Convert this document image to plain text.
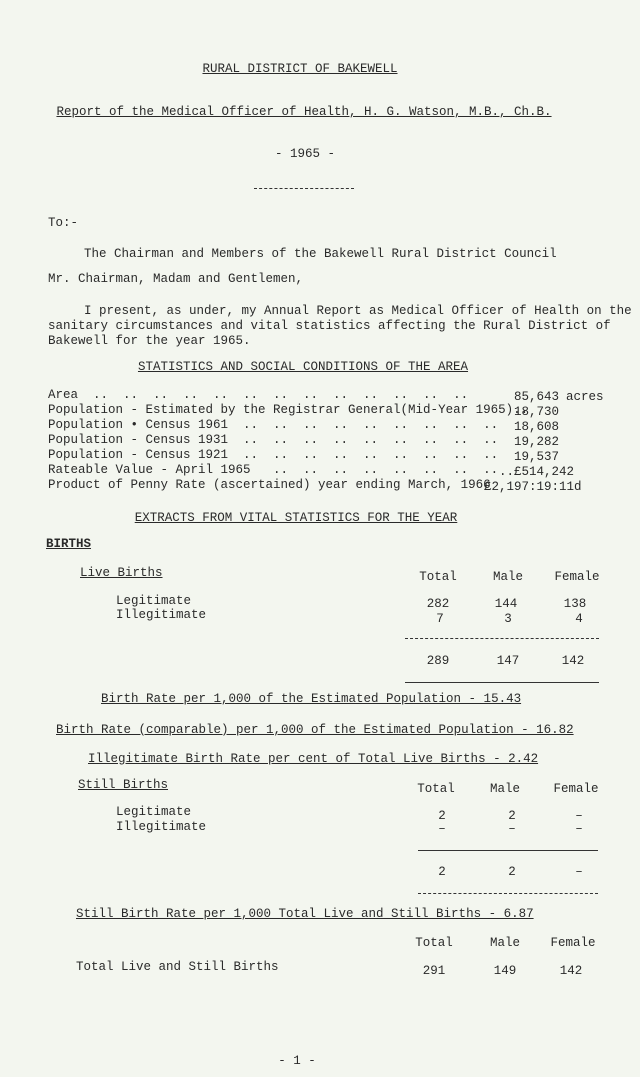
RURAL DISTRICT OF BAKEWELL
Report of the Medical Officer of Health, H. G. Watson, M.B., Ch.B.
- 1965 -
To:-
The Chairman and Members of the Bakewell Rural District Council
Mr. Chairman, Madam and Gentlemen,
I present, as under, my Annual Report as Medical Officer of Health on the
sanitary circumstances and vital statistics affecting the Rural District of
Bakewell for the year 1965.
STATISTICS AND SOCIAL CONDITIONS OF THE AREA
Area  ..  ..  ..  ..  ..  ..  ..  ..  ..  ..  ..  ..  ..	85,643 acres
Population - Estimated by the Registrar General(Mid-Year 1965)..
18,730
Population • Census 1961  ..  ..  ..  ..  ..  ..  ..  ..  .. 18,608
Population - Census 1931  ..  ..  ..  ..  ..  ..  ..  ..  .. 19,282
Population - Census 1921  ..  ..  ..  ..  ..  ..  ..  ..  .. 19,537
Rateable Value - April 1965   ..  ..  ..  ..  ..  ..  ..  .. ..£514,242
Product of Penny Rate (ascertained) year ending March, 1966
£2,197:19:11d
EXTRACTS FROM VITAL STATISTICS FOR THE YEAR
BIRTHS
Live Births	Total	Male	Female
Legitimate	282	144	138
Illegitimate	7	3	4
289	147	142
Birth Rate per 1,000 of the Estimated Population - 15.43
Birth Rate (comparable) per 1,000 of the Estimated Population - 16.82
Illegitimate Birth Rate per cent of Total Live Births - 2.42
Still Births	Total	Male	Female
Legitimate	2	2	–
Illegitimate	–	–	–
2	2	–
Still Birth Rate per 1,000 Total Live and Still Births - 6.87
Total	Male Female
Total Live and Still Births	291	149	142
- 1 -
